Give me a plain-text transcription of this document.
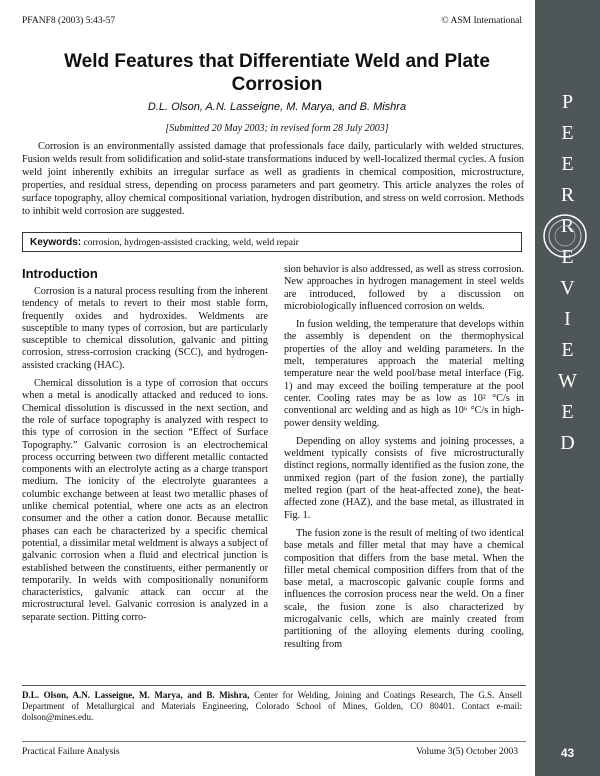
PFANF8 (2003) 5:43-57	© ASM International
P
E
E
R
R
E
V
I
E
W
E
D
43
Weld Features that Differentiate Weld and Plate Corrosion
D.L. Olson, A.N. Lasseigne, M. Marya, and B. Mishra
[Submitted 20 May 2003; in revised form 28 July 2003]

Corrosion is an environmentally assisted damage that professionals face daily, particularly with welded structures. Fusion welds result from solidification and solid-state transformations induced by well-localized thermal cycles. A fusion weld joint inherently exhibits an irregular surface as well as gradients in chemical composition, microstructure, properties, and residual stress, depending on process parameters and part geometry. This article analyzes the roles of surface topography, alloy chemical compositional variation, hydrogen distribution, and stress on weld corrosion. Methods to inhibit weld corrosion are suggested.

Keywords: corrosion, hydrogen-assisted cracking, weld, weld repair
Introduction

Corrosion is a natural process resulting from the inherent tendency of metals to revert to their most stable form, frequently oxides and hydroxides. Weldments are susceptible to many types of corrosion, but are particularly susceptible to chemical dissolution, galvanic and pitting corrosion, stress-corrosion cracking (SCC), and hydrogen-assisted cracking (HAC).

Chemical dissolution is a type of corrosion that occurs when a metal is anodically attacked and reduced to ions. Chemical dissolution is discussed in the next section, and the role of surface topography is analyzed with respect to this type of corrosion in the section “Effect of Surface Topography.” Galvanic corrosion is an electrochemical process occurring between two different metallic contacted components with an electrolyte acting as a charge transport medium. The ionicity of the electrolyte guarantees a columbic exchange between at least two metallic phases of unlike chemical potential, where one acts as an electron consumer and the other a cation donor. Because metallic phases can each be characterized by a specific chemical potential, a dissimilar metal weldment is always a subject of galvanic corrosion when a fluid and electrical junction is established between the constituents, either permanently or temporarily. In welds with compositionally nonuniform characteristics, galvanic attack can occur at the microstructural level. Galvanic corrosion is analyzed in a separate section. Pitting corro-

sion behavior is also addressed, as well as stress corrosion. New approaches in hydrogen management in steel welds are introduced, followed by a discussion on microbiologically influenced corrosion on welds.

In fusion welding, the temperature that develops within the assembly is dependent on the thermophysical properties of the alloy and welding parameters. In the melt, temperatures approach the material melting temperature near the weld pool/base metal interface (Fig. 1) and may exceed the boiling temperature at the pool center. Cooling rates may be as low as 10² °C/s in conventional arc welding and as high as 10⁶ °C/s in high-power density welding.

Depending on alloy systems and joining processes, a weldment typically consists of five microstructurally distinct regions, normally identified as the fusion zone, the unmixed region (part of the fusion zone), the partially melted region (part of the heat-affected zone), the heat-affected zone (HAZ), and the base metal, as illustrated in Fig. 1.

The fusion zone is the result of melting of two identical base metals and filler metal that may have a chemical composition that differs from the base metal. When the filler metal chemical composition differs from that of the base metal, a macroscopic galvanic couple forms and influences the corrosion process near the weld. On a finer scale, the fusion zone is also characterized by microgalvanic cells, which are mainly created from partitioning of the alloying elements during cooling, resulting from

D.L. Olson, A.N. Lasseigne, M. Marya, and B. Mishra, Center for Welding, Joining and Coatings Research, The G.S. Ansell Department of Metallurgical and Materials Engineering, Colorado School of Mines, Golden, CO 80401. Contact e-mail: dolson@mines.edu.

Practical Failure Analysis	Volume 3(5) October 2003
